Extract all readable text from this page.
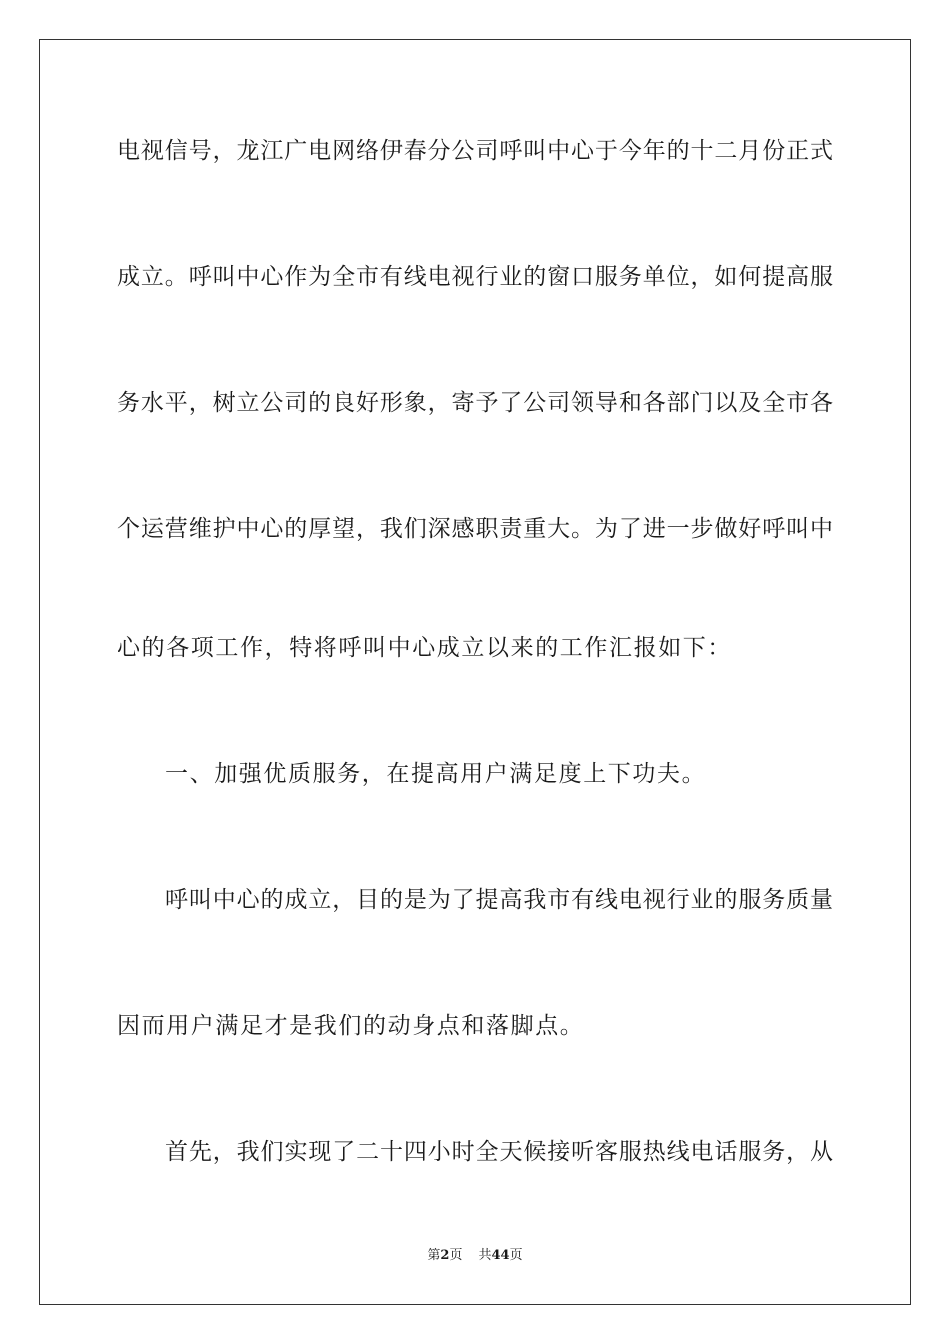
电视信号，龙江广电网络伊春分公司呼叫中心于今年的十二月份正式
成立。呼叫中心作为全市有线电视行业的窗口服务单位，如何提高服
务水平，树立公司的良好形象，寄予了公司领导和各部门以及全市各
个运营维护中心的厚望，我们深感职责重大。为了进一步做好呼叫中
心的各项工作，特将呼叫中心成立以来的工作汇报如下：
一、加强优质服务，在提高用户满足度上下功夫。
呼叫中心的成立，目的是为了提高我市有线电视行业的服务质量
因而用户满足才是我们的动身点和落脚点。
首先，我们实现了二十四小时全天候接听客服热线电话服务，从
第2页 共44页
